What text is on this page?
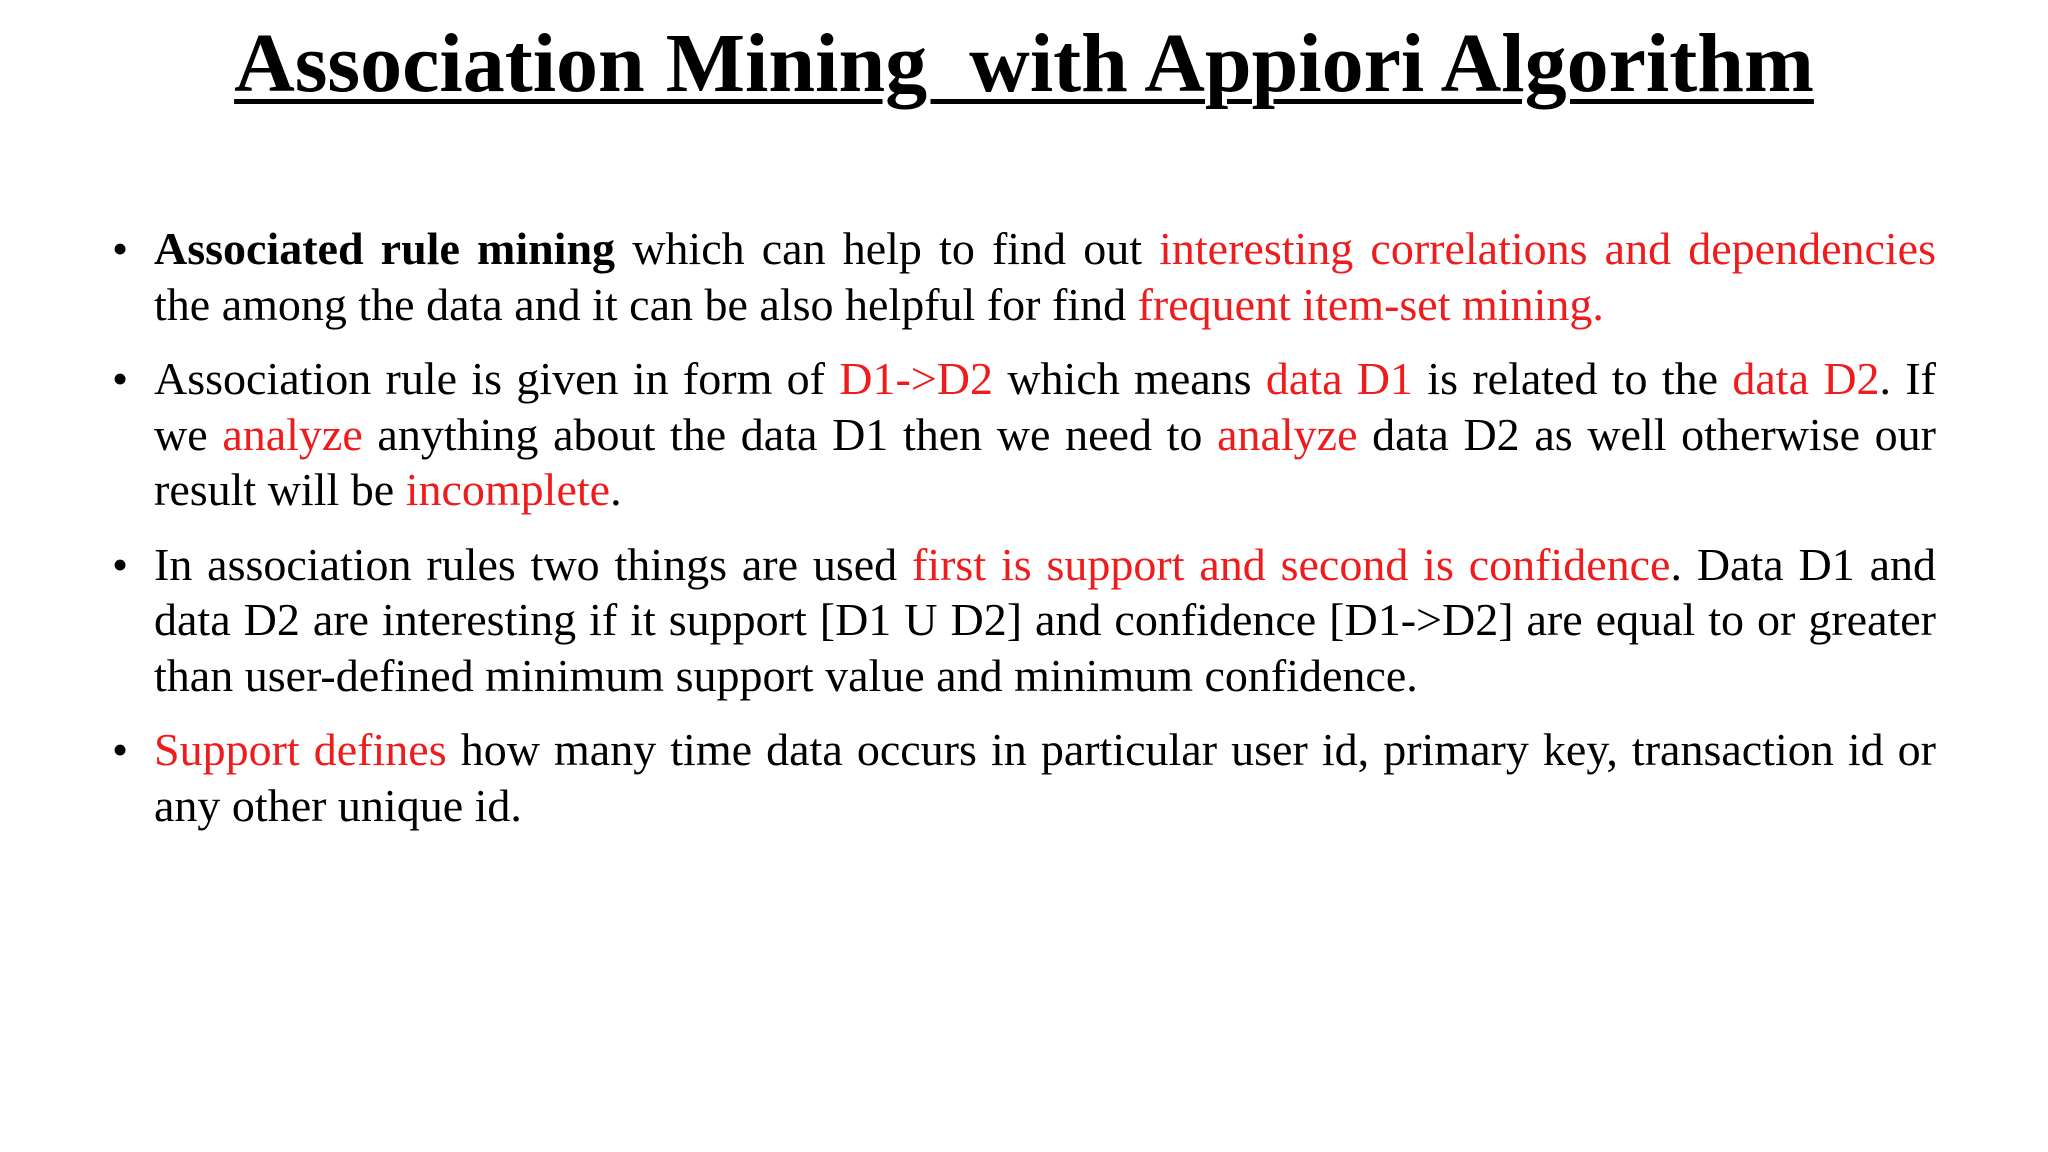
Association Mining  with Appiori Algorithm
• Associated rule mining which can help to find out interesting correlations and dependencies the among the data and it can be also helpful for find frequent item-set mining.
• Association rule is given in form of D1->D2 which means data D1 is related to the data D2. If we analyze anything about the data D1 then we need to analyze data D2 as well otherwise our result will be incomplete.
• In association rules two things are used first is support and second is confidence. Data D1 and data D2 are interesting if it support [D1 U D2] and confidence [D1->D2] are equal to or greater than user-defined minimum support value and minimum confidence.
• Support defines how many time data occurs in particular user id, primary key, transaction id or any other unique id.
